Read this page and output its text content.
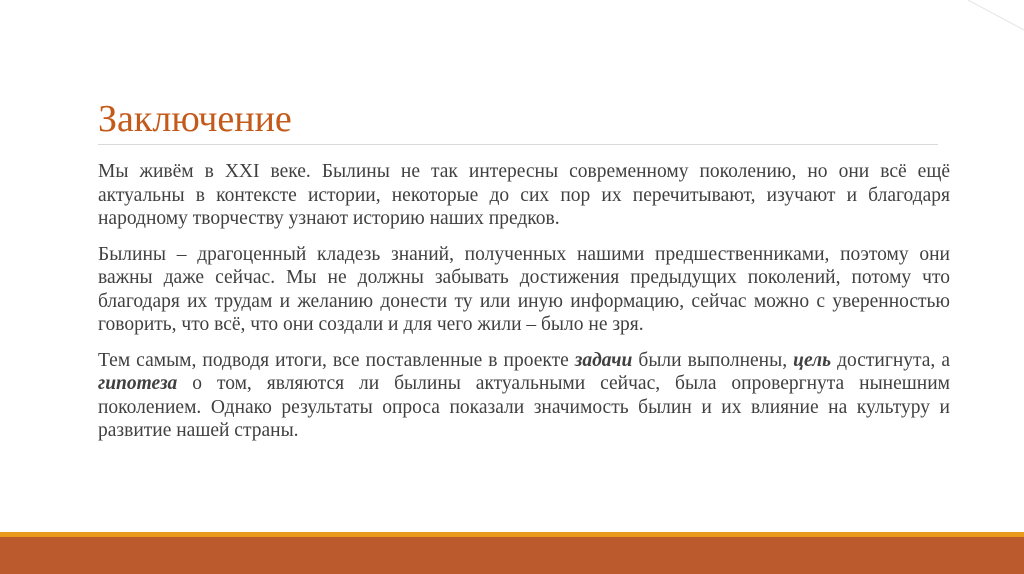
Заключение

Мы живём в XXI веке. Былины не так интересны современному поколению, но они всё ещё актуальны в контексте истории, некоторые до сих пор их перечитывают, изучают и благодаря народному творчеству узнают историю наших предков.

Былины – драгоценный кладезь знаний, полученных нашими предшественниками, поэтому они важны даже сейчас. Мы не должны забывать достижения предыдущих поколений, потому что благодаря их трудам и желанию донести ту или иную информацию, сейчас можно с уверенностью говорить, что всё, что они создали и для чего жили – было не зря.

Тем самым, подводя итоги, все поставленные в проекте задачи были выполнены, цель достигнута, а гипотеза о том, являются ли былины актуальными сейчас, была опровергнута нынешним поколением. Однако результаты опроса показали значимость былин и их влияние на культуру и развитие нашей страны.
